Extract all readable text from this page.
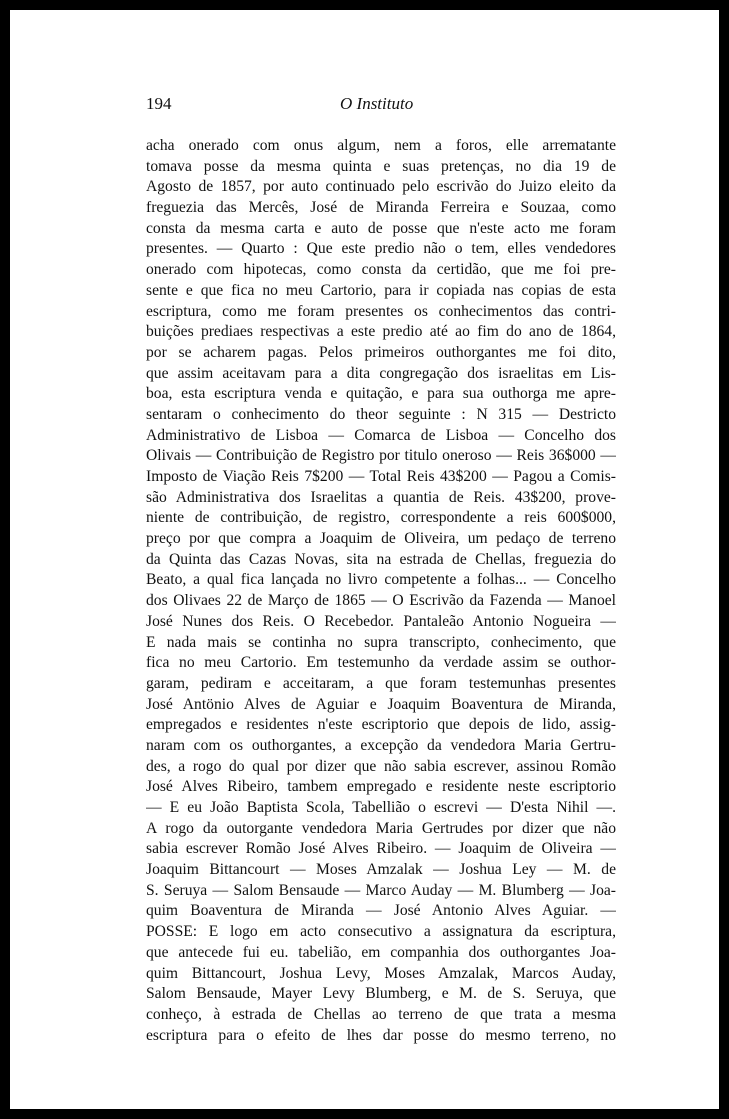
194	O Instituto
acha onerado com onus algum, nem a foros, elle arrematante
tomava posse da mesma quinta e suas pretenças, no dia 19 de
Agosto de 1857, por auto continuado pelo escrivão do Juizo eleito da
freguezia das Mercês, José de Miranda Ferreira e Souzaa, como
consta da mesma carta e auto de posse que n'este acto me foram
presentes. — Quarto : Que este predio não o tem, elles vendedores
onerado com hipotecas, como consta da certidão, que me foi pre-
sente e que fica no meu Cartorio, para ir copiada nas copias de esta
escriptura, como me foram presentes os conhecimentos das contri-
buições prediaes respectivas a este predio até ao fim do ano de 1864,
por se acharem pagas. Pelos primeiros outhorgantes me foi dito,
que assim aceitavam para a dita congregação dos israelitas em Lis-
boa, esta escriptura venda e quitação, e para sua outhorga me apre-
sentaram o conhecimento do theor seguinte : N 315 — Destricto
Administrativo de Lisboa — Comarca de Lisboa — Concelho dos
Olivais — Contribuição de Registro por titulo oneroso — Reis 36$000 —
Imposto de Viação Reis 7$200 — Total Reis 43$200 — Pagou a Comis-
são Administrativa dos Israelitas a quantia de Reis. 43$200, prove-
niente de contribuição, de registro, correspondente a reis 600$000,
preço por que compra a Joaquim de Oliveira, um pedaço de terreno
da Quinta das Cazas Novas, sita na estrada de Chellas, freguezia do
Beato, a qual fica lançada no livro competente a folhas... — Concelho
dos Olivaes 22 de Março de 1865 — O Escrivão da Fazenda — Manoel
José Nunes dos Reis. O Recebedor. Pantaleão Antonio Nogueira —
E nada mais se continha no supra transcripto, conhecimento, que
fica no meu Cartorio. Em testemunho da verdade assim se outhor-
garam, pediram e acceitaram, a que foram testemunhas presentes
José Antönio Alves de Aguiar e Joaquim Boaventura de Miranda,
empregados e residentes n'este escriptorio que depois de lido, assig-
naram com os outhorgantes, a excepção da vendedora Maria Gertru-
des, a rogo do qual por dizer que não sabia escrever, assinou Romão
José Alves Ribeiro, tambem empregado e residente neste escriptorio
— E eu João Baptista Scola, Tabellião o escrevi — D'esta Nihil —.
A rogo da outorgante vendedora Maria Gertrudes por dizer que não
sabia escrever Romão José Alves Ribeiro. — Joaquim de Oliveira —
Joaquim Bittancourt — Moses Amzalak — Joshua Ley — M. de
S. Seruya — Salom Bensaude — Marco Auday — M. Blumberg — Joa-
quim Boaventura de Miranda — José Antonio Alves Aguiar. —
POSSE: E logo em acto consecutivo a assignatura da escriptura,
que antecede fui eu. tabelião, em companhia dos outhorgantes Joa-
quim Bittancourt, Joshua Levy, Moses Amzalak, Marcos Auday,
Salom Bensaude, Mayer Levy Blumberg, e M. de S. Seruya, que
conheço, à estrada de Chellas ao terreno de que trata a mesma
escriptura para o efeito de lhes dar posse do mesmo terreno, no
